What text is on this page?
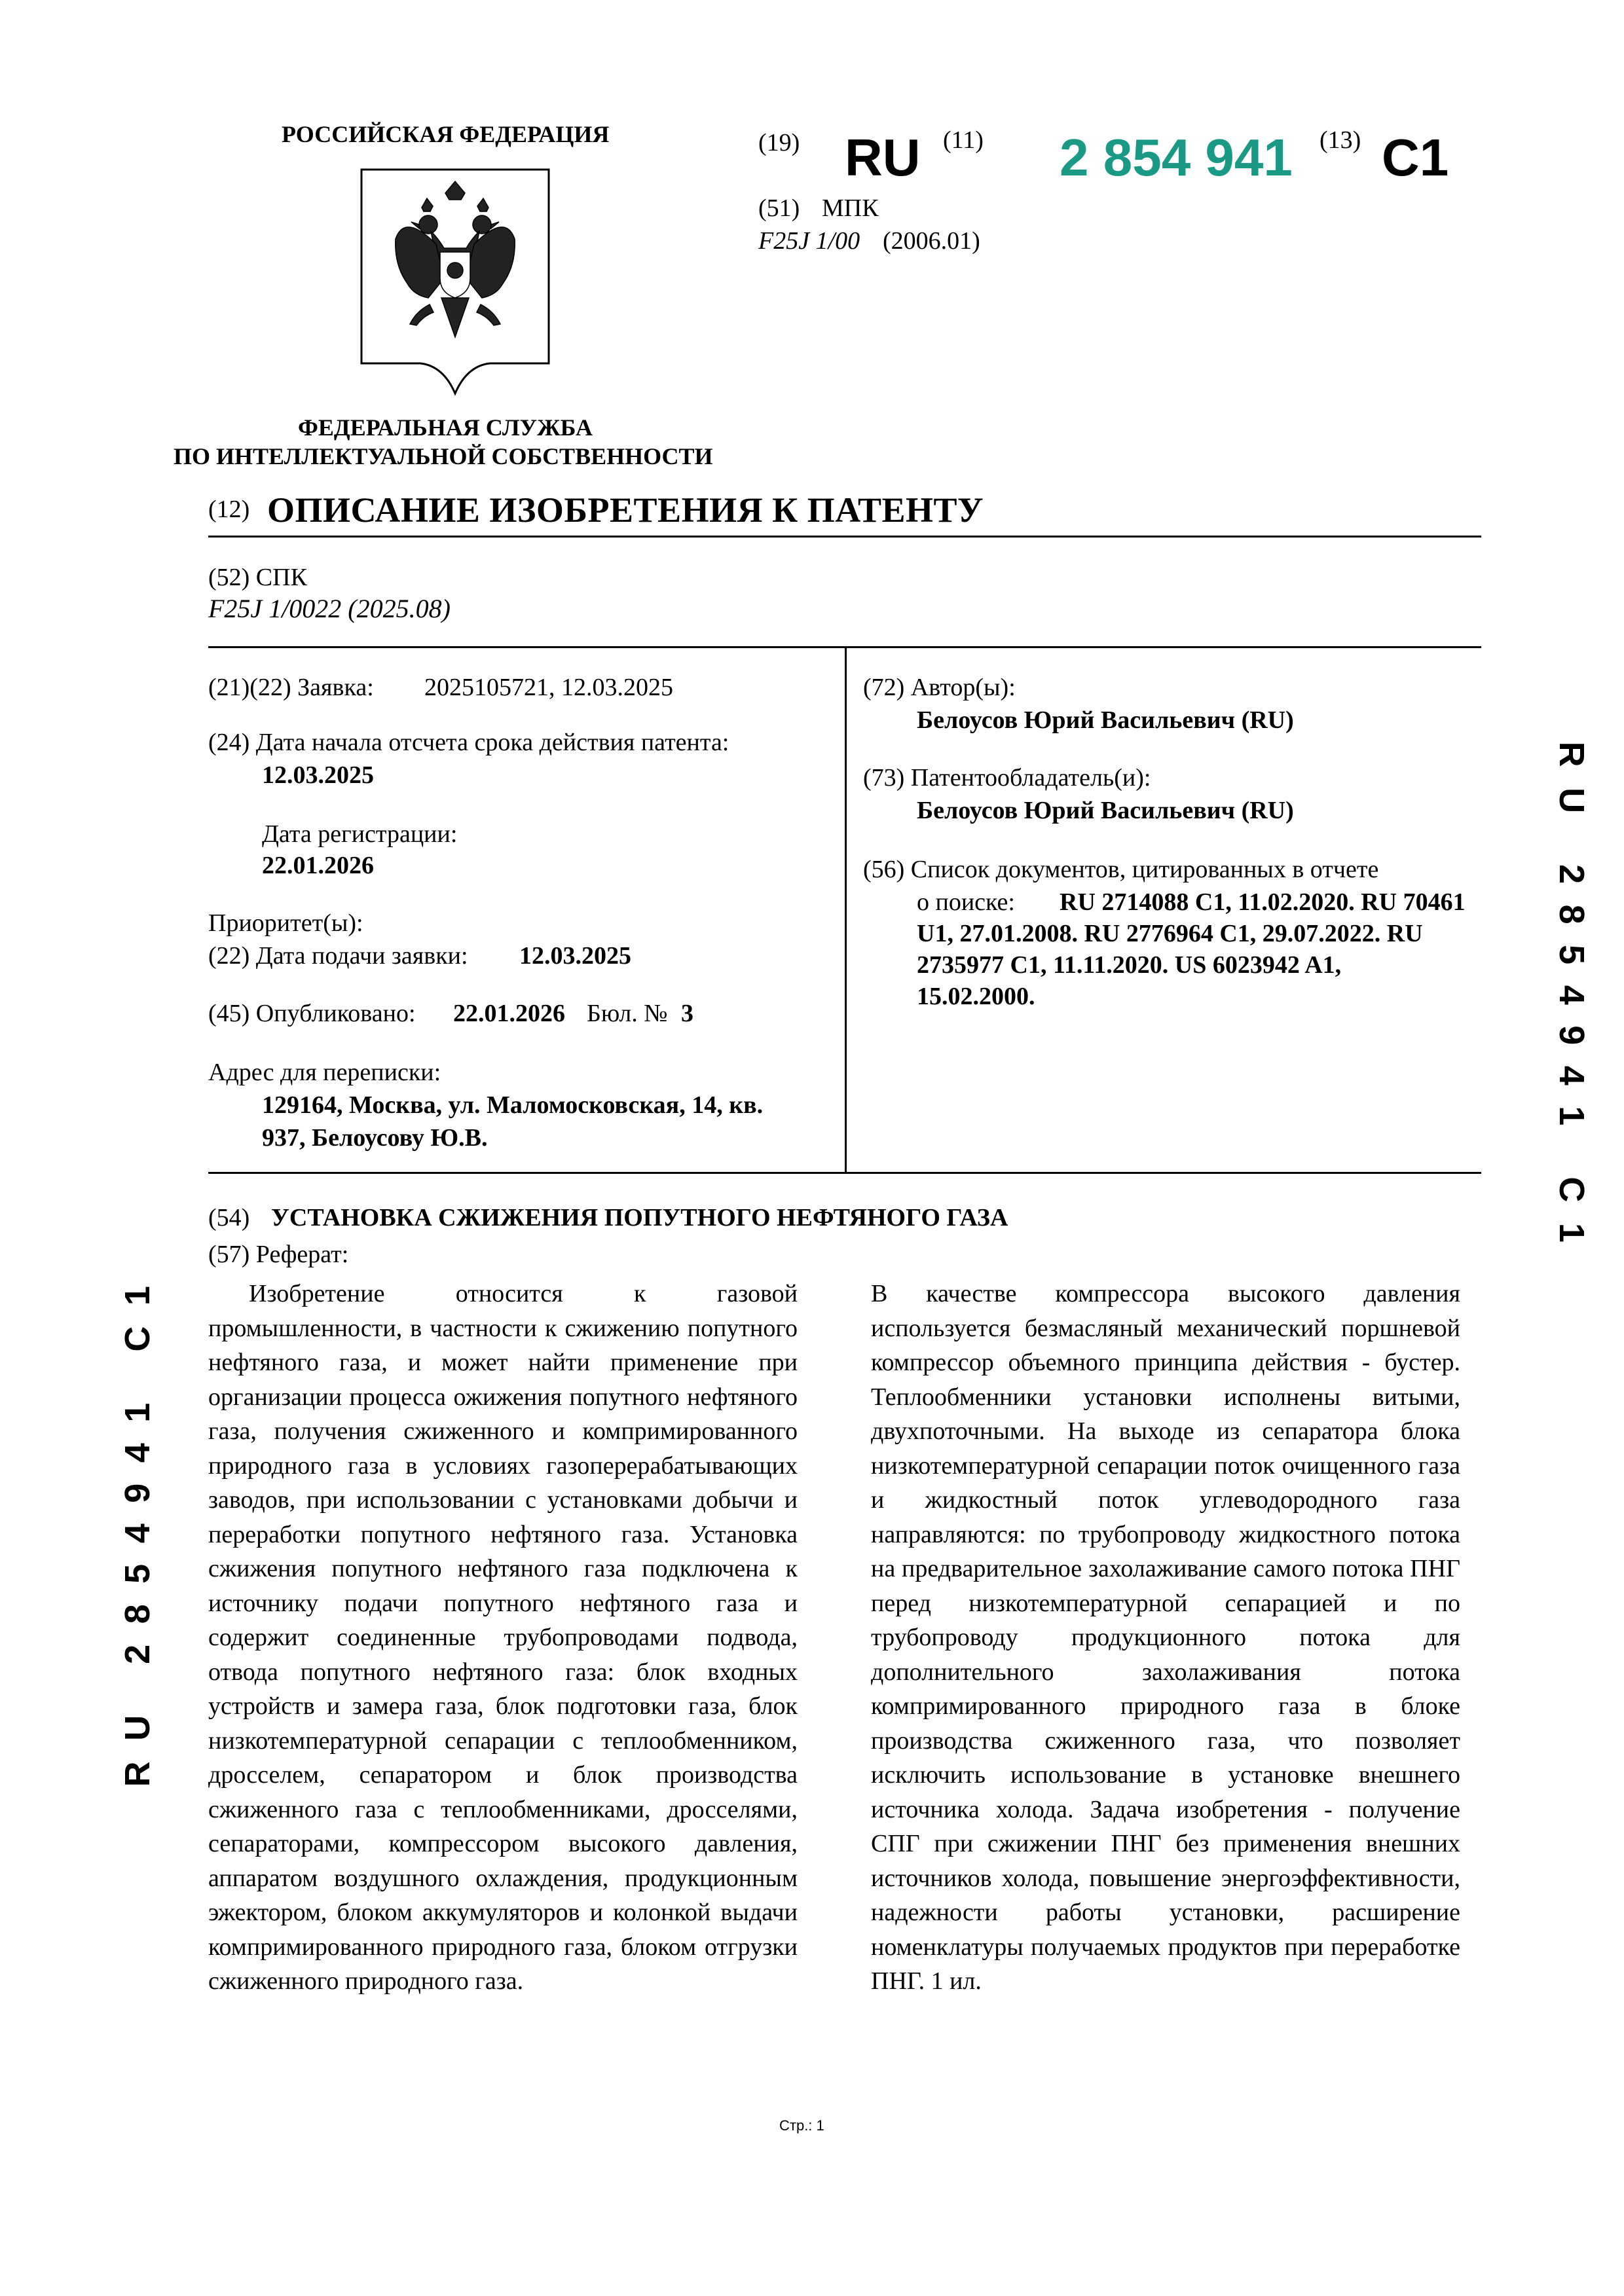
РОССИЙСКАЯ ФЕДЕРАЦИЯ
ФЕДЕРАЛЬНАЯ СЛУЖБА
ПО ИНТЕЛЛЕКТУАЛЬНОЙ СОБСТВЕННОСТИ
(19) RU (11) 2 854 941 (13) C1
(51) МПК
F25J 1/00 (2006.01)
(12) ОПИСАНИЕ ИЗОБРЕТЕНИЯ К ПАТЕНТУ
(52) СПК
F25J 1/0022 (2025.08)
(21)(22) Заявка: 2025105721, 12.03.2025
(24) Дата начала отсчета срока действия патента:
12.03.2025
Дата регистрации:
22.01.2026
Приоритет(ы):
(22) Дата подачи заявки: 12.03.2025
(45) Опубликовано: 22.01.2026 Бюл. № 3
Адрес для переписки:
129164, Москва, ул. Маломосковская, 14, кв.
937, Белоусову Ю.В.
(72) Автор(ы):
Белоусов Юрий Васильевич (RU)
(73) Патентообладатель(и):
Белоусов Юрий Васильевич (RU)
(56) Список документов, цитированных в отчете
о поиске: RU 2714088 C1, 11.02.2020. RU 70461
U1, 27.01.2008. RU 2776964 C1, 29.07.2022. RU
2735977 C1, 11.11.2020. US 6023942 A1,
15.02.2000.
(54) УСТАНОВКА СЖИЖЕНИЯ ПОПУТНОГО НЕФТЯНОГО ГАЗА
(57) Реферат:
Изобретение относится к газовой промышленности, в частности к сжижению попутного нефтяного газа, и может найти применение при организации процесса ожижения попутного нефтяного газа, получения сжиженного и компримированного природного газа в условиях газоперерабатывающих заводов, при использовании с установками добычи и переработки попутного нефтяного газа. Установка сжижения попутного нефтяного газа подключена к источнику подачи попутного нефтяного газа и содержит соединенные трубопроводами подвода, отвода попутного нефтяного газа: блок входных устройств и замера газа, блок подготовки газа, блок низкотемпературной сепарации с теплообменником, дросселем, сепаратором и блок производства сжиженного газа с теплообменниками, дросселями, сепараторами, компрессором высокого давления, аппаратом воздушного охлаждения, продукционным эжектором, блоком аккумуляторов и колонкой выдачи компримированного природного газа, блоком отгрузки сжиженного природного газа.
В качестве компрессора высокого давления используется безмасляный механический поршневой компрессор объемного принципа действия - бустер. Теплообменники установки исполнены витыми, двухпоточными. На выходе из сепаратора блока низкотемпературной сепарации поток очищенного газа и жидкостный поток углеводородного газа направляются: по трубопроводу жидкостного потока на предварительное захолаживание самого потока ПНГ перед низкотемпературной сепарацией и по трубопроводу продукционного потока для дополнительного захолаживания потока компримированного природного газа в блоке производства сжиженного газа, что позволяет исключить использование в установке внешнего источника холода. Задача изобретения - получение СПГ при сжижении ПНГ без применения внешних источников холода, повышение энергоэффективности, надежности работы установки, расширение номенклатуры получаемых продуктов при переработке ПНГ. 1 ил.
RU 2854941 C1
RU 2854941 C1
Стр.: 1
